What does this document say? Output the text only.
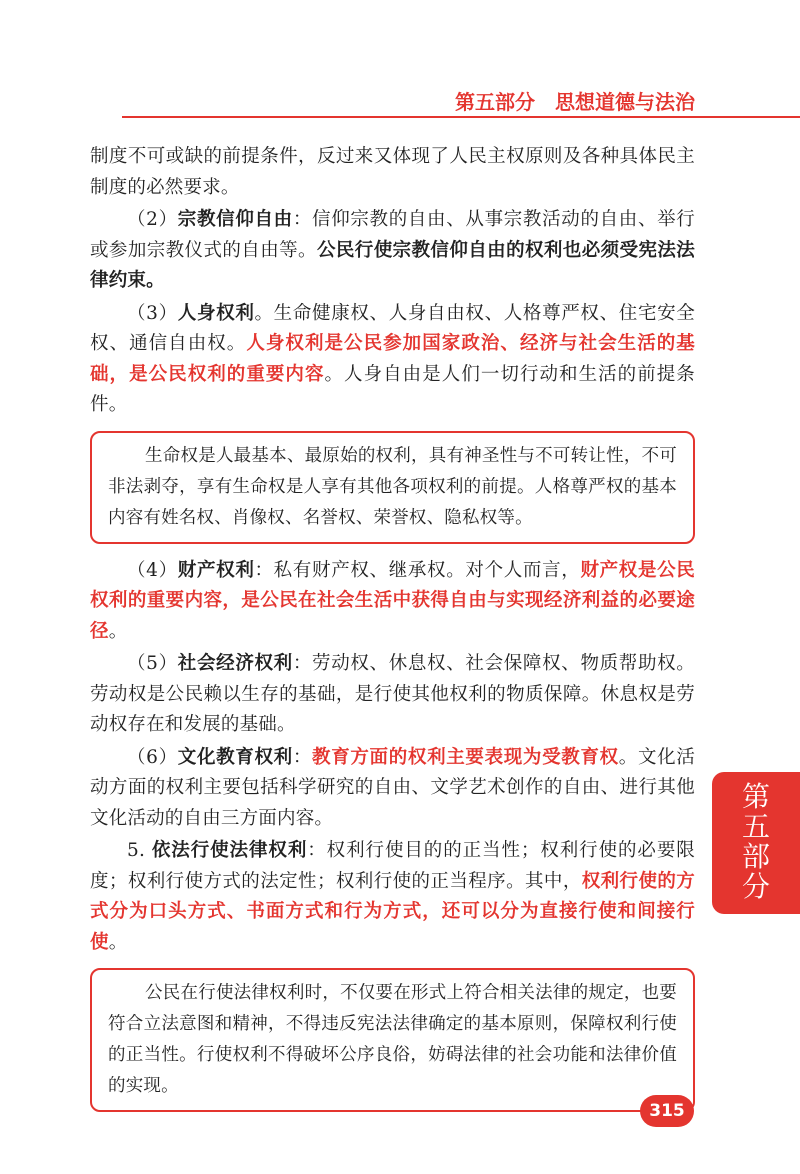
第五部分　思想道德与法治

制度不可或缺的前提条件，反过来又体现了人民主权原则及各种具体民主制度的必然要求。

（2）宗教信仰自由：信仰宗教的自由、从事宗教活动的自由、举行或参加宗教仪式的自由等。公民行使宗教信仰自由的权利也必须受宪法法律约束。

（3）人身权利。生命健康权、人身自由权、人格尊严权、住宅安全权、通信自由权。人身权利是公民参加国家政治、经济与社会生活的基础，是公民权利的重要内容。人身自由是人们一切行动和生活的前提条件。

生命权是人最基本、最原始的权利，具有神圣性与不可转让性，不可非法剥夺，享有生命权是人享有其他各项权利的前提。人格尊严权的基本内容有姓名权、肖像权、名誉权、荣誉权、隐私权等。

（4）财产权利：私有财产权、继承权。对个人而言，财产权是公民权利的重要内容，是公民在社会生活中获得自由与实现经济利益的必要途径。

（5）社会经济权利：劳动权、休息权、社会保障权、物质帮助权。劳动权是公民赖以生存的基础，是行使其他权利的物质保障。休息权是劳动权存在和发展的基础。

（6）文化教育权利：教育方面的权利主要表现为受教育权。文化活动方面的权利主要包括科学研究的自由、文学艺术创作的自由、进行其他文化活动的自由三方面内容。

5. 依法行使法律权利：权利行使目的的正当性；权利行使的必要限度；权利行使方式的法定性；权利行使的正当程序。其中，权利行使的方式分为口头方式、书面方式和行为方式，还可以分为直接行使和间接行使。

公民在行使法律权利时，不仅要在形式上符合相关法律的规定，也要符合立法意图和精神，不得违反宪法法律确定的基本原则，保障权利行使的正当性。行使权利不得破坏公序良俗，妨碍法律的社会功能和法律价值的实现。

第
五
部
分
315
